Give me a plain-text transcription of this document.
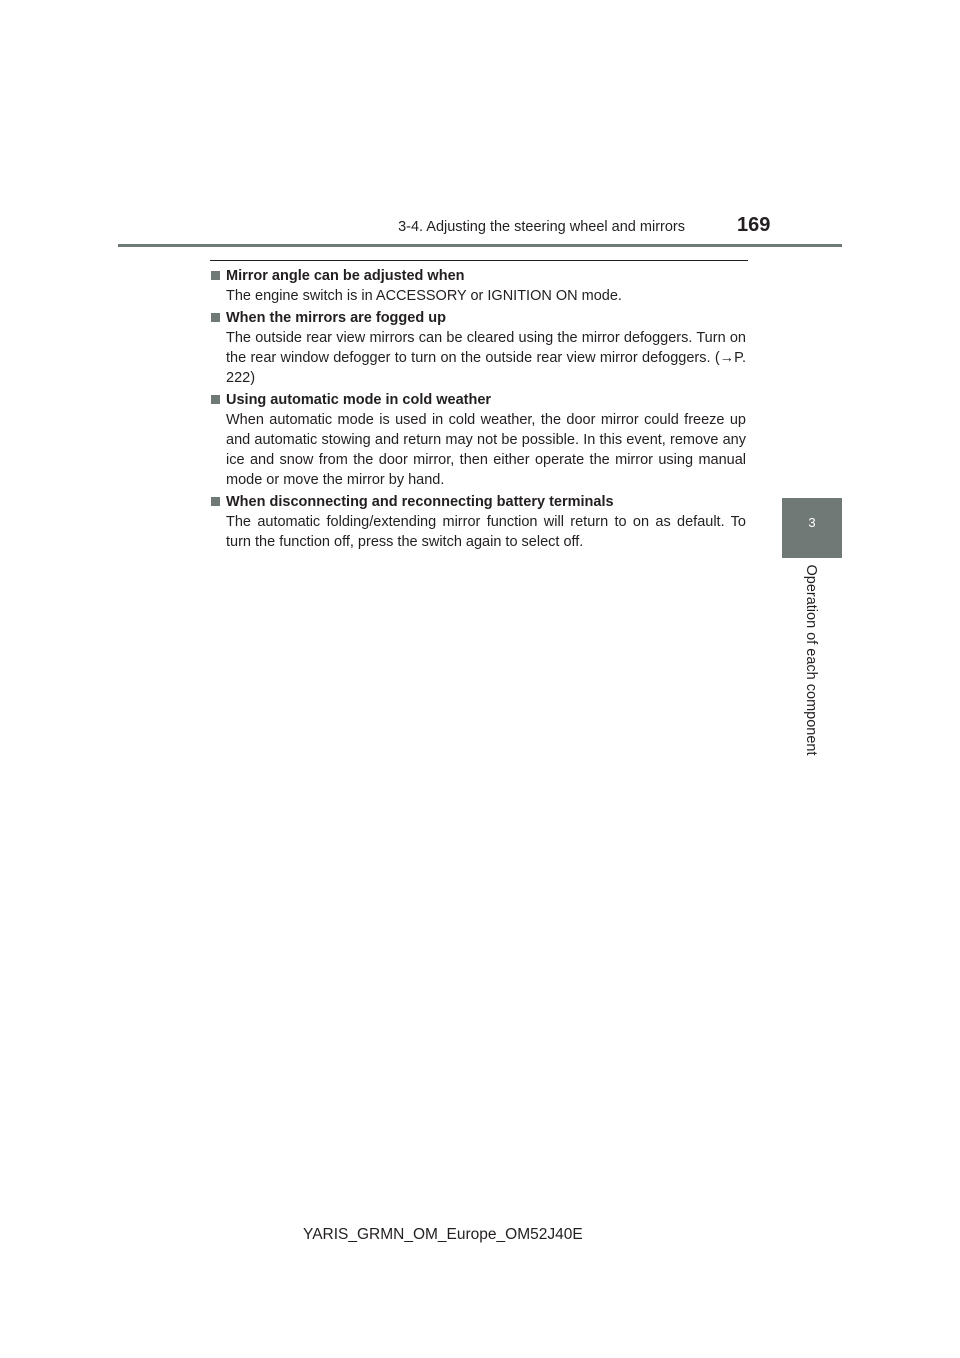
3-4. Adjusting the steering wheel and mirrors	169
3
Operation of each component
Mirror angle can be adjusted when
The engine switch is in ACCESSORY or IGNITION ON mode.
When the mirrors are fogged up
The outside rear view mirrors can be cleared using the mirror defoggers. Turn on the rear window defogger to turn on the outside rear view mirror defoggers. (→P. 222)
Using automatic mode in cold weather
When automatic mode is used in cold weather, the door mirror could freeze up and automatic stowing and return may not be possible. In this event, remove any ice and snow from the door mirror, then either operate the mirror using manual mode or move the mirror by hand.
When disconnecting and reconnecting battery terminals
The automatic folding/extending mirror function will return to on as default. To turn the function off, press the switch again to select off.
YARIS_GRMN_OM_Europe_OM52J40E
